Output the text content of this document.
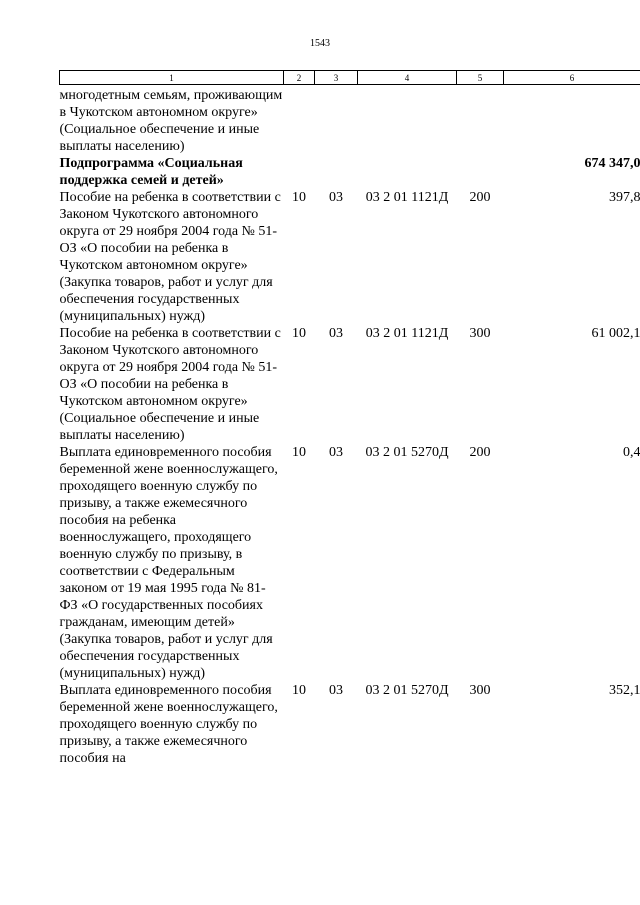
1543
1	2	3	4	5	6
многодетным семьям, проживающим в Чукотском автономном округе» (Социальное обеспечение и иные выплаты населению)					
Подпрограмма «Социальная поддержка семей и детей»					674 347,0
Пособие на ребенка в соответствии с Законом Чукотского автономного округа от 29 ноября 2004 года № 51-ОЗ «О пособии на ребенка в Чукотском автономном округе» (Закупка товаров, работ и услуг для обеспечения государственных (муниципальных) нужд)	10	03	03 2 01 1121Д	200	397,8
Пособие на ребенка в соответствии с Законом Чукотского автономного округа от 29 ноября 2004 года № 51-ОЗ «О пособии на ребенка в Чукотском автономном округе» (Социальное обеспечение и иные выплаты населению)	10	03	03 2 01 1121Д	300	61 002,1
Выплата единовременного пособия беременной жене военнослужащего, проходящего военную службу по призыву, а также ежемесячного пособия на ребенка военнослужащего, проходящего военную службу по призыву, в соответствии с Федеральным законом от 19 мая 1995 года № 81-ФЗ «О государственных пособиях гражданам, имеющим детей» (Закупка товаров, работ и услуг для обеспечения государственных (муниципальных) нужд)	10	03	03 2 01 5270Д	200	0,4
Выплата единовременного пособия беременной жене военнослужащего, проходящего военную службу по призыву, а также ежемесячного пособия на	10	03	03 2 01 5270Д	300	352,1
